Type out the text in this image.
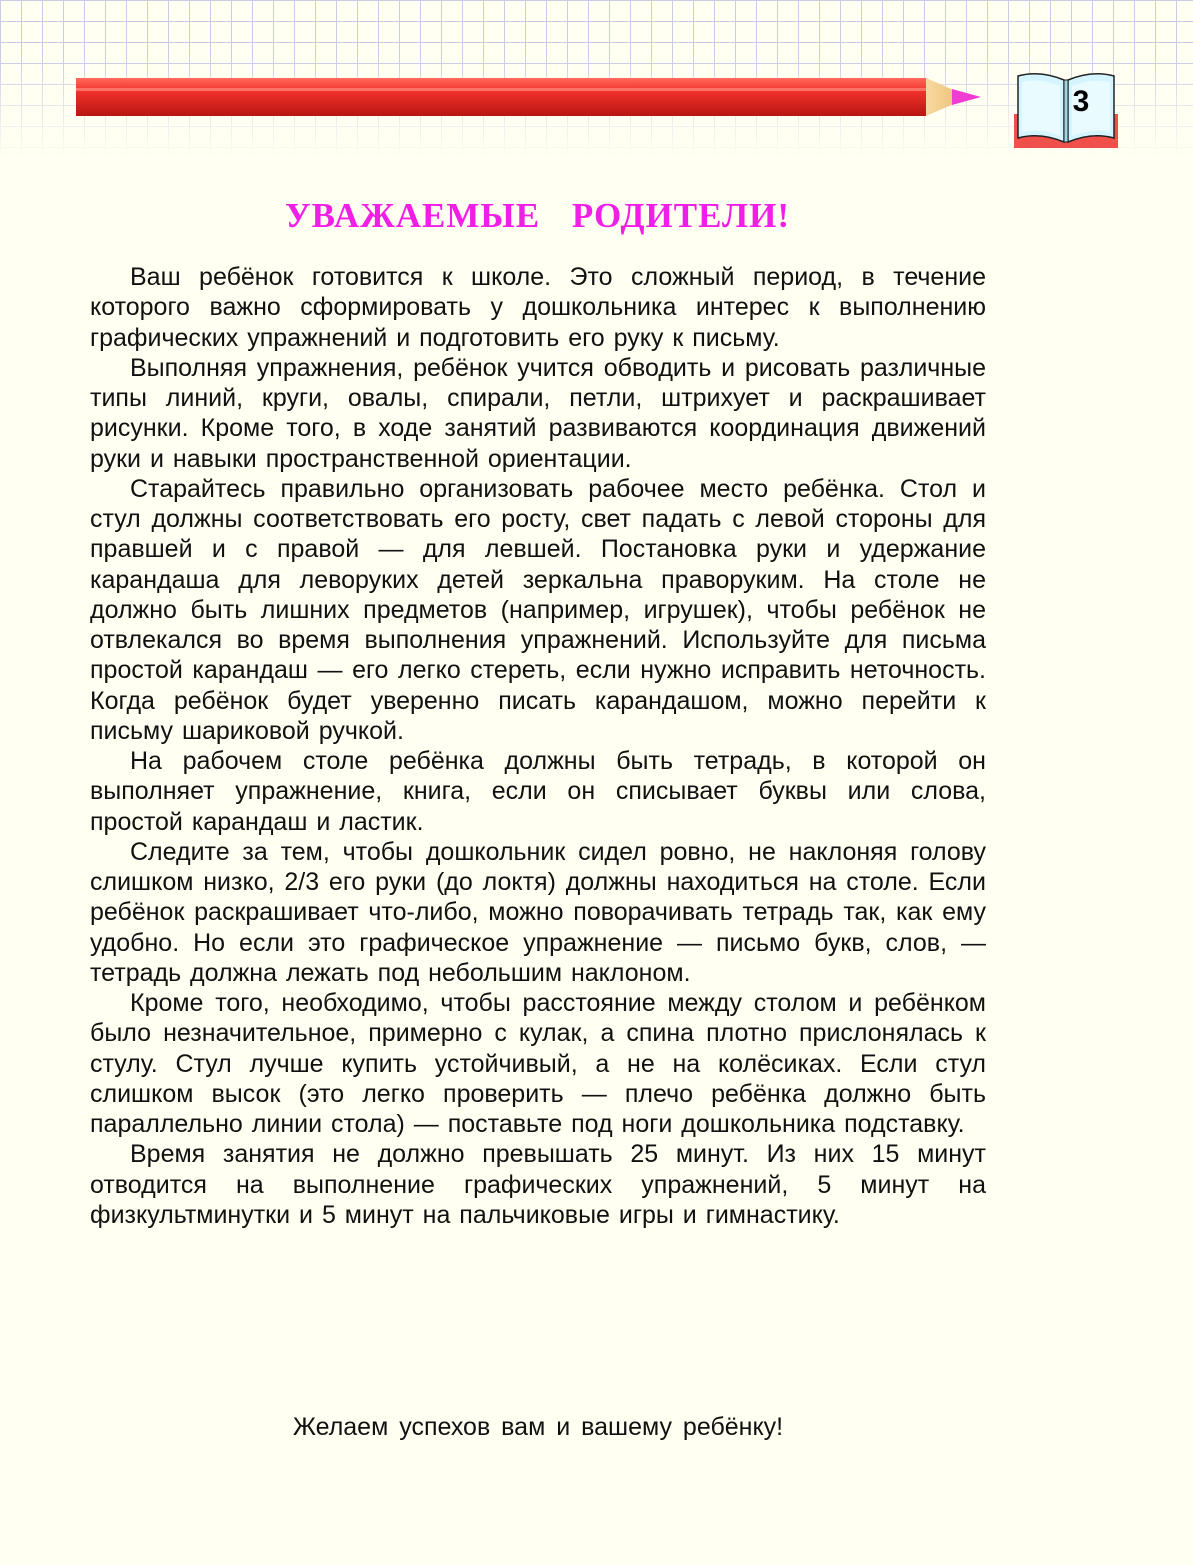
3
УВАЖАЕМЫЕ РОДИТЕЛИ!

Ваш ребёнок готовится к школе. Это сложный период, в течение которого важно сформировать у дошкольника интерес к выполнению графических упражнений и подготовить его руку к письму.

Выполняя упражнения, ребёнок учится обводить и рисовать различные типы линий, круги, овалы, спирали, петли, штрихует и раскрашивает рисунки. Кроме того, в ходе занятий развиваются координация движений руки и навыки пространственной ориентации.

Старайтесь правильно организовать рабочее место ребёнка. Стол и стул должны соответствовать его росту, свет падать с левой стороны для правшей и с правой — для левшей. Постановка руки и удержание карандаша для леворуких детей зеркальна праворуким. На столе не должно быть лишних предметов (например, игрушек), чтобы ребёнок не отвлекался во время выполнения упражнений. Используйте для письма простой карандаш — его легко стереть, если нужно исправить неточность. Когда ребёнок будет уверенно писать карандашом, можно перейти к письму шариковой ручкой.

На рабочем столе ребёнка должны быть тетрадь, в которой он выполняет упражнение, книга, если он списывает буквы или слова, простой карандаш и ластик.

Следите за тем, чтобы дошкольник сидел ровно, не наклоняя голову слишком низко, 2/3 его руки (до локтя) должны находиться на столе. Если ребёнок раскрашивает что-либо, можно поворачивать тетрадь так, как ему удобно. Но если это графическое упражнение — письмо букв, слов, — тетрадь должна лежать под небольшим наклоном.

Кроме того, необходимо, чтобы расстояние между столом и ребёнком было незначительное, примерно с кулак, а спина плотно прислонялась к стулу. Стул лучше купить устойчивый, а не на колёсиках. Если стул слишком высок (это легко проверить — плечо ребёнка должно быть параллельно линии стола) — поставьте под ноги дошкольника подставку.

Время занятия не должно превышать 25 минут. Из них 15 минут отводится на выполнение графических упражнений, 5 минут на физкультминутки и 5 минут на пальчиковые игры и гимнастику.

Желаем успехов вам и вашему ребёнку!
